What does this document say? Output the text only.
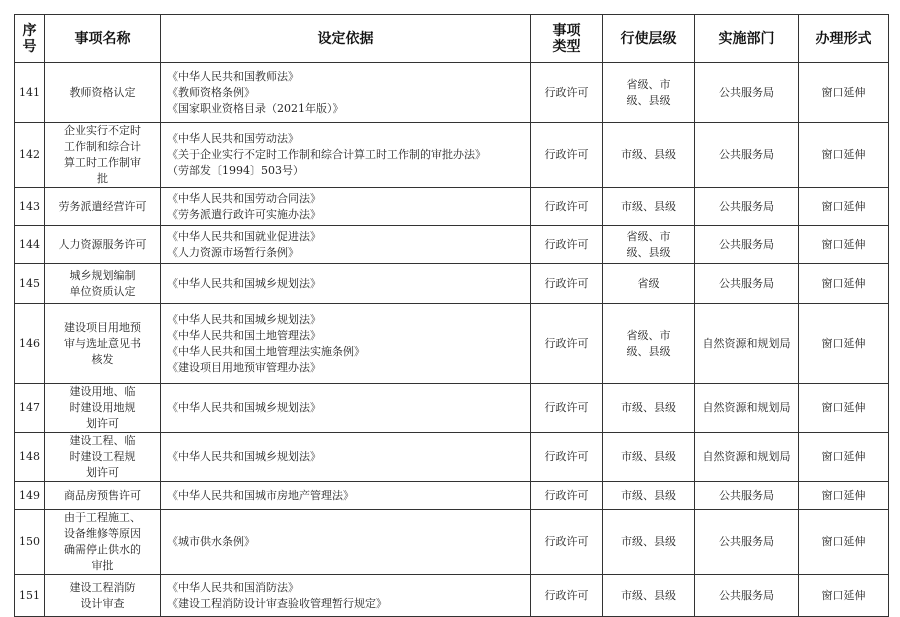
序号	事项名称	设定依据	事项类型	行使层级	实施部门	办理形式

141	教师资格认定	《中华人民共和国教师法》
《教师资格条例》
《国家职业资格目录（2021年版）》	行政许可	省级、市级、县级	公共服务局	窗口延伸

142	企业实行不定时工作制和综合计算工时工作制审批	《中华人民共和国劳动法》
《关于企业实行不定时工作制和综合计算工时工作制的审批办法》
（劳部发〔1994〕503号）	行政许可	市级、县级	公共服务局	窗口延伸

143	劳务派遣经营许可	《中华人民共和国劳动合同法》
《劳务派遣行政许可实施办法》	行政许可	市级、县级	公共服务局	窗口延伸

144	人力资源服务许可	《中华人民共和国就业促进法》
《人力资源市场暂行条例》	行政许可	省级、市级、县级	公共服务局	窗口延伸

145	城乡规划编制单位资质认定	《中华人民共和国城乡规划法》	行政许可	省级	公共服务局	窗口延伸

146	建设项目用地预审与选址意见书核发	《中华人民共和国城乡规划法》
《中华人民共和国土地管理法》
《中华人民共和国土地管理法实施条例》
《建设项目用地预审管理办法》	行政许可	省级、市级、县级	自然资源和规划局	窗口延伸

147	建设用地、临时建设用地规划许可	《中华人民共和国城乡规划法》	行政许可	市级、县级	自然资源和规划局	窗口延伸

148	建设工程、临时建设工程规划许可	《中华人民共和国城乡规划法》	行政许可	市级、县级	自然资源和规划局	窗口延伸

149	商品房预售许可	《中华人民共和国城市房地产管理法》	行政许可	市级、县级	公共服务局	窗口延伸

150	由于工程施工、设备维修等原因确需停止供水的审批	《城市供水条例》	行政许可	市级、县级	公共服务局	窗口延伸

151	建设工程消防设计审查	《中华人民共和国消防法》
《建设工程消防设计审查验收管理暂行规定》	行政许可	市级、县级	公共服务局	窗口延伸
